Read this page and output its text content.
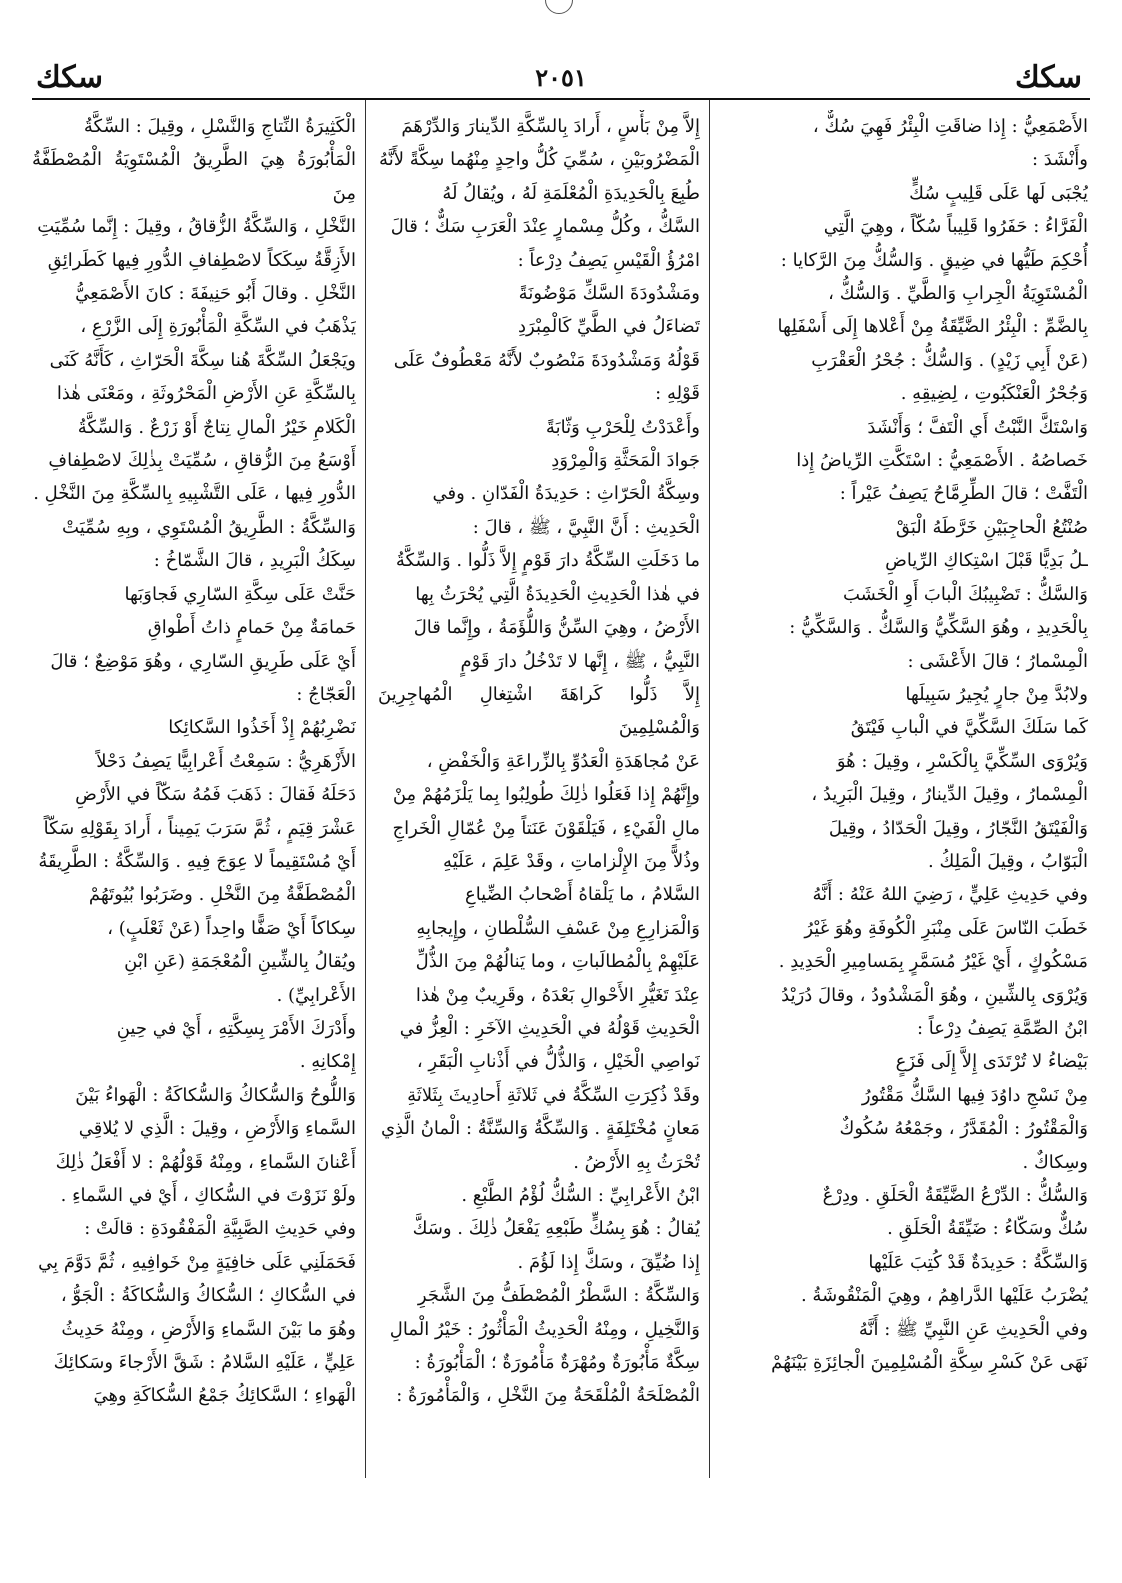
سكك
٢٠٥١
سكك

الأَصْمَعِيُّ : إِذا ضاقَتِ الْبِئْرُ فَهِيَ سُكٌّ ،

وأَنْشَدَ :

يُجْبَى لَها عَلَى قَلِيبٍ سُكٍّ

الْفَرَّاءُ : حَفَرُوا قَلِيباً سُكّاً ، وهِيَ الَّتِي

أُحْكِمَ طَيُّها في ضِيقٍ . وَالسُّكُّ مِنَ الرَّكايا :

الْمُسْتَوِيَةُ الْجِرابِ وَالطَّيِّ . وَالسُّكُّ ،

بِالضَّمِّ : الْبِئْرُ الضَّيِّقَةُ مِنْ أَعْلاها إِلَى أَسْفَلِها

(عَنْ أَبِي زَيْدٍ) . وَالسُّكُّ : جُحْرُ الْعَقْرَبِ

وَجُحْرُ الْعَنْكَبُوتِ ، لِضِيقِهِ .

وَاسْتَكَّ النَّبْتُ أَي الْتَفَّ ؛ وَأَنْشَدَ

خَصاصُهُ . الأَصْمَعِيُّ : اسْتَكَّتِ الرِّياضُ إِذا

الْتَفَّتْ ؛ قالَ الطِّرِمَّاحُ يَصِفُ عَيْراً :

صُنْتُعُ الْحاجِبَيْنِ خَرَّطَهُ الْبَقْ

ـلُ بَدِيًّا قَبْلَ اسْتِكاكِ الرِّياضِ

وَالسَّكُّ : تَضْبِيبُكَ الْبابَ أَوِ الْخَشَبَ

بِالْحَدِيدِ ، وهُوَ السَّكِّيُّ وَالسَّكُّ . وَالسَّكِّيُّ :

الْمِسْمارُ ؛ قالَ الأَعْشَى :

ولابُدَّ مِنْ جارٍ يُجِيرُ سَبِيلَها

كَما سَلَكَ السَّكِّيَّ في الْبابِ فَيْتَقُ

وَيُرْوَى السِّكِّيَّ بِالْكَسْرِ ، وقِيلَ : هُوَ

الْمِسْمارُ ، وقِيلَ الدِّينارُ ، وقِيلَ الْبَرِيدُ ،

وَالْفَيْتَقُ النَّجّارُ ، وقِيلَ الْحَدّادُ ، وقِيلَ

الْبَوّابُ ، وقِيلَ الْمَلِكُ .

وفي حَدِيثِ عَلِيٍّ ، رَضِيَ اللهُ عَنْهُ : أَنَّهُ

خَطَبَ النّاسَ عَلَى مِنْبَرِ الْكُوفَةِ وهُوَ غَيْرُ

مَسْكُوكٍ ، أَيْ غَيْرُ مُسَمَّرٍ بِمَسامِيرِ الْحَدِيدِ .

وَيُرْوَى بِالشِّينِ ، وهُوَ الْمَشْدُودُ ، وقالَ دُرَيْدُ

ابْنُ الصِّمَّةِ يَصِفُ دِرْعاً :

بَيْضاءُ لا تُرْتَدَى إِلاَّ إِلَى فَزَعٍ

مِنْ نَسْجِ داوُدَ فِيها السَّكُّ مَقْتُورُ

وَالْمَقْتُورُ : الْمُقَدَّرُ ، وجَمْعُهُ سُكُوكٌ

وسِكاكٌ .

وَالسُّكُّ : الدِّرْعُ الضَّيِّقَةُ الْحَلَقِ . ودِرْعٌ

سُكٌّ وسَكّاءُ : ضَيِّقَةُ الْحَلَقِ .

وَالسِّكَّةُ : حَدِيدَةٌ قَدْ كُتِبَ عَلَيْها

يُضْرَبُ عَلَيْها الدَّراهِمُ ، وهِيَ الْمَنْقُوشَةُ .

وفي الْحَدِيثِ عَنِ النَّبِيِّ ﷺ : أَنَّهُ

نَهَى عَنْ كَسْرِ سِكَّةِ الْمُسْلِمِينَ الْجائِزَةِ بَيْنَهُمْ

إِلاَّ مِنْ بَأْسٍ ، أَرادَ بِالسِّكَّةِ الدِّينارَ وَالدِّرْهَمَ

الْمَضْرُوبَيْنِ ، سُمِّيَ كُلُّ واحِدٍ مِنْهُما سِكَّةً لأَنَّهُ

طُبِعَ بِالْحَدِيدَةِ الْمُعْلَمَةِ لَهُ ، ويُقالُ لَهُ

السَّكُّ ، وكُلُّ مِسْمارٍ عِنْدَ الْعَرَبِ سَكٌّ ؛ قالَ

امْرُؤُ الْقَيْسِ يَصِفُ دِرْعاً :

ومَشْدُودَةَ السَّكِّ مَوْضُونَةً

تَضاءَلُ في الطَّيِّ كَالْمِبْرَدِ

قَوْلُهُ وَمَشْدُودَةَ مَنْصُوبٌ لأَنَّهُ مَعْطُوفٌ عَلَى

قَوْلِهِ :

وأَعْدَدْتُ لِلْحَرْبِ وَثّابَةً

جَوادَ الْمَحَثَّةِ وَالْمِرْوَدِ

وسِكَّةُ الْحَرّاثِ : حَدِيدَةُ الْفَدّانِ . وفي

الْحَدِيثِ : أَنَّ النَّبِيَّ ، ﷺ ، قالَ :

ما دَخَلَتِ السِّكَّةُ دارَ قَوْمٍ إِلاَّ ذَلُّوا . وَالسِّكَّةُ

في هٰذا الْحَدِيثِ الْحَدِيدَةُ الَّتِي يُحْرَثُ بِها

الأَرْضُ ، وهِيَ السِّنُّ وَاللُّؤَمَةُ ، وإِنَّما قالَ

النَّبِيُّ ، ﷺ ، إِنَّها لا تَدْخُلُ دارَ قَوْمٍ

إِلاَّ ذَلُّوا كَراهَةَ اشْتِغالِ الْمُهاجِرِينَ وَالْمُسْلِمِينَ

عَنْ مُجاهَدَةِ الْعَدُوِّ بِالزِّراعَةِ وَالْخَفْضِ ،

وإِنَّهُمْ إِذا فَعَلُوا ذٰلِكَ طُولِبُوا بِما يَلْزَمُهُمْ مِنْ

مالِ الْفَيْءِ ، فَيَلْقَوْنَ عَنَتاً مِنْ عُمّالِ الْخَراجِ

وذُلاًّ مِنَ الإِلْزاماتِ ، وقَدْ عَلِمَ ، عَلَيْهِ

السَّلامُ ، ما يَلْقاهُ أَصْحابُ الضِّياعِ

وَالْمَزارِعِ مِنْ عَسْفِ السُّلْطانِ ، وإِيجابِهِ

عَلَيْهِمْ بِالْمُطالَباتِ ، وما يَنالُهُمْ مِنَ الذُّلِّ

عِنْدَ تَغَيُّرِ الأَحْوالِ بَعْدَهُ ، وقَرِيبٌ مِنْ هٰذا

الْحَدِيثِ قَوْلُهُ في الْحَدِيثِ الآخَرِ : الْعِزُّ في

نَواصِي الْخَيْلِ ، وَالذُّلُّ في أَذْنابِ الْبَقَرِ ،

وقَدْ ذُكِرَتِ السِّكَّةُ في ثَلاثَةِ أَحادِيثَ بِثَلاثَةِ

مَعانٍ مُخْتَلِفَةٍ . وَالسِّكَّةُ وَالسِّنَّةُ : الْمانُ الَّذِي

تُحْرَثُ بِهِ الأَرْضُ .

ابْنُ الأَعْرابِيِّ : السُّكُّ لُؤْمُ الطَّبْعِ .

يُقالُ : هُوَ بِسُكٍّ طَبْعِهِ يَفْعَلُ ذٰلِكَ . وسَكَّ

إِذا ضُيِّقَ ، وسَكَّ إِذا لَؤُمَ .

وَالسِّكَّةُ : السَّطْرُ الْمُصْطَفُّ مِنَ الشَّجَرِ

وَالنَّخِيلِ ، ومِنْهُ الْحَدِيثُ الْمَأْثُورُ : خَيْرُ الْمالِ

سِكَّةٌ مَأْبُورَةٌ ومُهْرَةٌ مَأْمُورَةٌ ؛ الْمَأْبُورَةُ :

الْمُصْلَحَةُ الْمُلْقَحَةُ مِنَ النَّخْلِ ، وَالْمَأْمُورَةُ :

الْكَثِيرَةُ النِّتاجِ وَالنَّسْلِ ، وقِيلَ : السِّكَّةُ

الْمَأْبُورَةُ هِيَ الطَّرِيقُ الْمُسْتَوِيَةُ الْمُصْطَفَّةُ مِنَ

النَّخْلِ ، وَالسِّكَّةُ الزُّقاقُ ، وقِيلَ : إِنَّما سُمِّيَتِ

الأَزِقَّةُ سِكَكاً لاصْطِفافِ الدُّورِ فِيها كَطَرائِقِ

النَّخْلِ . وقالَ أَبُو حَنِيفَةَ : كانَ الأَصْمَعِيُّ

يَذْهَبُ في السِّكَّةِ الْمَأْبُورَةِ إِلَى الزَّرْعِ ،

ويَجْعَلُ السِّكَّةَ هُنا سِكَّةَ الْحَرّاثِ ، كَأَنَّهُ كَنَى

بِالسِّكَّةِ عَنِ الأَرْضِ الْمَحْرُوثَةِ ، ومَعْنَى هٰذا

الْكَلامِ خَيْرُ الْمالِ نِتاجٌ أَوْ زَرْعٌ . وَالسِّكَّةُ

أَوْسَعُ مِنَ الزُّقاقِ ، سُمِّيَتْ بِذٰلِكَ لاصْطِفافِ

الدُّورِ فِيها ، عَلَى التَّشْبِيهِ بِالسِّكَّةِ مِنَ النَّخْلِ .

وَالسِّكَّةُ : الطَّرِيقُ الْمُسْتَوِي ، وبِهِ سُمِّيَتْ

سِكَكُ الْبَرِيدِ ، قالَ الشَّمّاخُ :

حَنَّتْ عَلَى سِكَّةِ السّارِي فَجاوَبَها

حَمامَةٌ مِنْ حَمامٍ ذاتُ أَطْواقِ

أَيْ عَلَى طَرِيقِ السّارِي ، وهُوَ مَوْضِعٌ ؛ قالَ

الْعَجّاجُ :

نَضْرِبُهُمْ إِذْ أَخَذُوا السَّكائِكا

الأَزْهَرِيُّ : سَمِعْتُ أَعْرابِيًّا يَصِفُ دَحْلاً

دَحَلَهُ فَقالَ : ذَهَبَ فَمُهُ سَكّاً في الأَرْضِ

عَشْرَ قِيَمٍ ، ثُمَّ سَرَبَ يَمِيناً ، أَرادَ بِقَوْلِهِ سَكّاً

أَيْ مُسْتَقِيماً لا عِوَجَ فِيهِ . وَالسِّكَّةُ : الطَّرِيقَةُ

الْمُصْطَفَّةُ مِنَ النَّخْلِ . وضَرَبُوا بُيُوتَهُمْ

سِكاكاً أَيْ صَفًّا واحِداً (عَنْ ثَعْلَبٍ) ،

ويُقالُ بِالشِّينِ الْمُعْجَمَةِ (عَنِ ابْنِ

الأَعْرابِيِّ) .

وأَدْرَكَ الأَمْرَ بِسِكَّتِهِ ، أَيْ في حِينِ

إِمْكانِهِ .

وَاللُّوحُ وَالسُّكاكُ وَالسُّكاكَةُ : الْهَواءُ بَيْنَ

السَّماءِ وَالأَرْضِ ، وقِيلَ : الَّذِي لا يُلاقِي

أَعْنانَ السَّماءِ ، ومِنْهُ قَوْلُهُمْ : لا أَفْعَلُ ذٰلِكَ

ولَوْ نَزَوْتَ في السُّكاكِ ، أَيْ في السَّماءِ .

وفي حَدِيثِ الصَّبِيَّةِ الْمَفْقُودَةِ : قالَتْ :

فَحَمَلَنِي عَلَى خافِيَةٍ مِنْ خَوافِيهِ ، ثُمَّ دَوَّمَ بِي

في السُّكاكِ ؛ السُّكاكُ وَالسُّكاكَةُ : الْجَوُّ ،

وهُوَ ما بَيْنَ السَّماءِ وَالأَرْضِ ، ومِنْهُ حَدِيثُ

عَلِيٍّ ، عَلَيْهِ السَّلامُ : شَقَّ الأَرْجاءَ وسَكائِكَ

الْهَواءِ ؛ السَّكائِكُ جَمْعُ السُّكاكَةِ وهِيَ
